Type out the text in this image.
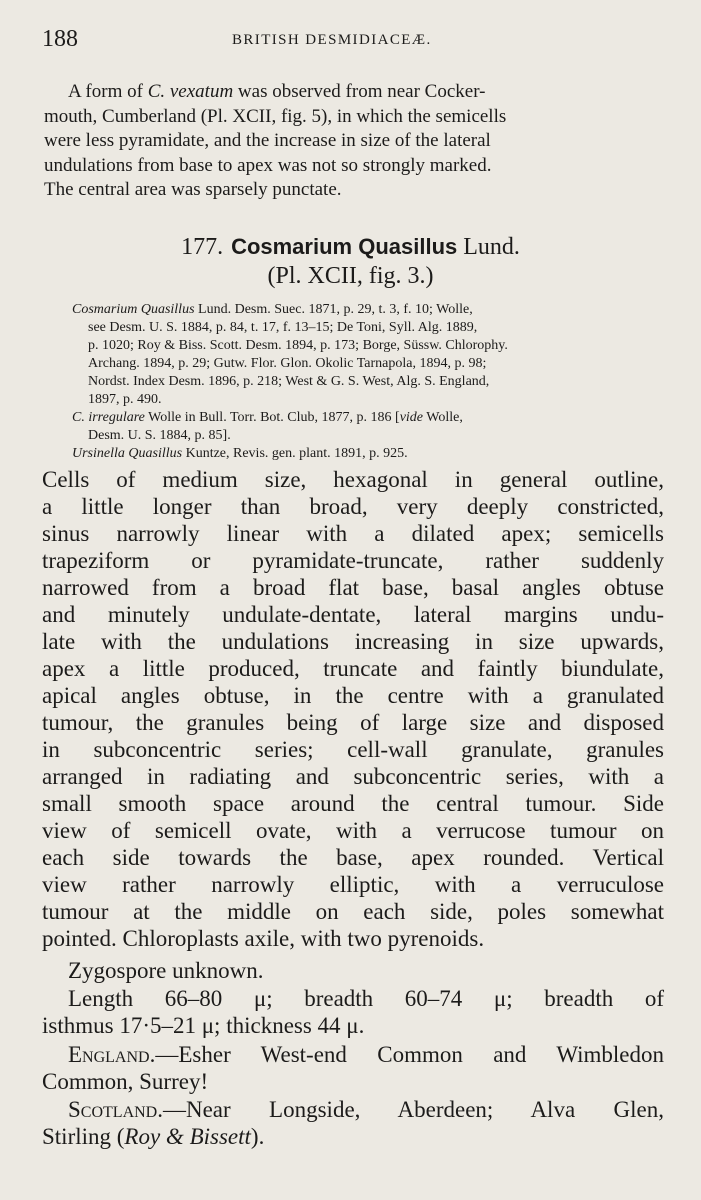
188	BRITISH DESMIDIACEÆ.
A form of C. vexatum was observed from near Cocker-
mouth, Cumberland (Pl. XCII, fig. 5), in which the semicells
were less pyramidate, and the increase in size of the lateral
undulations from base to apex was not so strongly marked.
The central area was sparsely punctate.
177. Cosmarium Quasillus Lund.
(Pl. XCII, fig. 3.)
Cosmarium Quasillus Lund. Desm. Suec. 1871, p. 29, t. 3, f. 10; Wolle,
see Desm. U. S. 1884, p. 84, t. 17, f. 13–15; De Toni, Syll. Alg. 1889,
p. 1020; Roy & Biss. Scott. Desm. 1894, p. 173; Borge, Süssw. Chlorophy.
Archang. 1894, p. 29; Gutw. Flor. Glon. Okolic Tarnapola, 1894, p. 98;
Nordst. Index Desm. 1896, p. 218; West & G. S. West, Alg. S. England,
1897, p. 490.
C. irregulare Wolle in Bull. Torr. Bot. Club, 1877, p. 186 [vide Wolle,
Desm. U. S. 1884, p. 85].
Ursinella Quasillus Kuntze, Revis. gen. plant. 1891, p. 925.
Cells of medium size, hexagonal in general outline,
a little longer than broad, very deeply constricted,
sinus narrowly linear with a dilated apex; semicells
trapeziform or pyramidate-truncate, rather suddenly
narrowed from a broad flat base, basal angles obtuse
and minutely undulate-dentate, lateral margins undu-
late with the undulations increasing in size upwards,
apex a little produced, truncate and faintly biundulate,
apical angles obtuse, in the centre with a granulated
tumour, the granules being of large size and disposed
in subconcentric series; cell-wall granulate, granules
arranged in radiating and subconcentric series, with a
small smooth space around the central tumour. Side
view of semicell ovate, with a verrucose tumour on
each side towards the base, apex rounded. Vertical
view rather narrowly elliptic, with a verruculose
tumour at the middle on each side, poles somewhat
pointed. Chloroplasts axile, with two pyrenoids.
Zygospore unknown.
Length 66–80 μ; breadth 60–74 μ; breadth of
isthmus 17·5–21 μ; thickness 44 μ.
England.—Esher West-end Common and Wimbledon
Common, Surrey!
Scotland.—Near Longside, Aberdeen; Alva Glen,
Stirling (Roy & Bissett).
